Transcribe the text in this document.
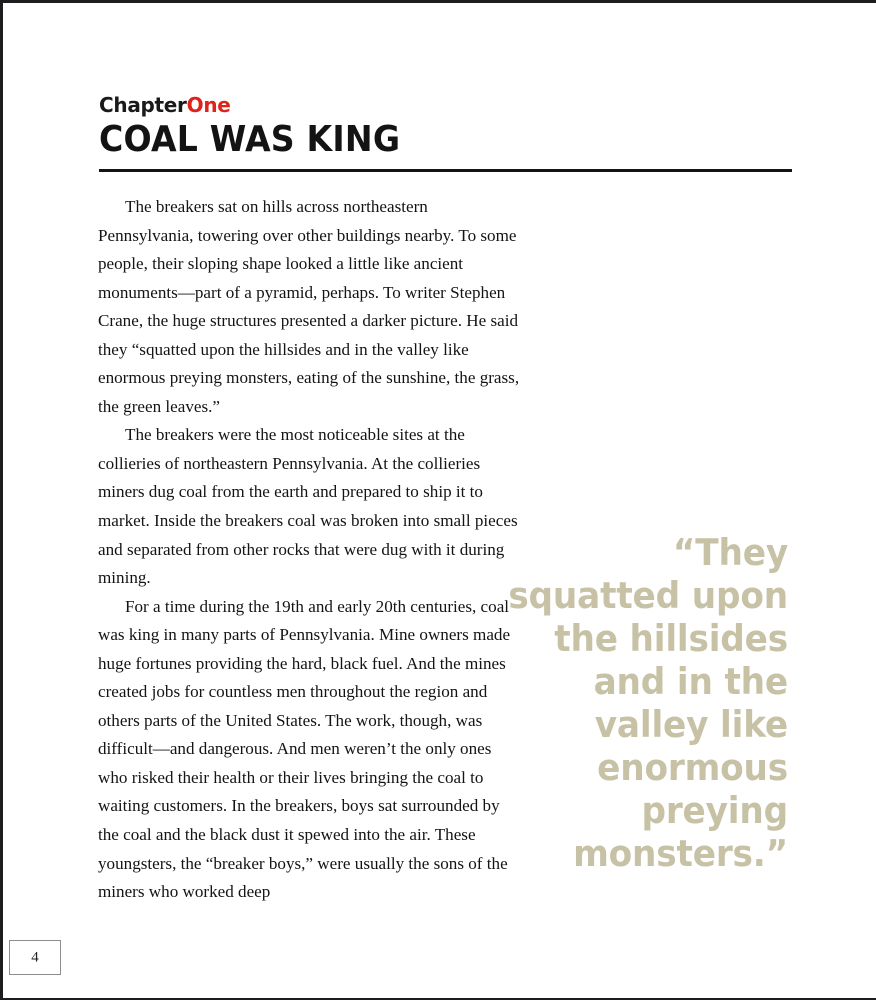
ChapterOne
COAL WAS KING

The breakers sat on hills across northeastern Pennsylvania, towering over other buildings nearby. To some people, their sloping shape looked a little like ancient monuments—part of a pyramid, perhaps. To writer Stephen Crane, the huge structures presented a darker picture. He said they “squatted upon the hillsides and in the valley like enormous preying monsters, eating of the sunshine, the grass, the green leaves.”

The breakers were the most noticeable sites at the collieries of northeastern Pennsylvania. At the collieries miners dug coal from the earth and prepared to ship it to market. Inside the breakers coal was broken into small pieces and separated from other rocks that were dug with it during mining.

For a time during the 19th and early 20th centuries, coal was king in many parts of Pennsylvania. Mine owners made huge fortunes providing the hard, black fuel. And the mines created jobs for countless men throughout the region and others parts of the United States. The work, though, was difficult—and dangerous. And men weren’t the only ones who risked their health or their lives bringing the coal to waiting customers. In the breakers, boys sat surrounded by the coal and the black dust it spewed into the air. These youngsters, the “breaker boys,” were usually the sons of the miners who worked deep

“They squatted upon the hillsides and in the valley like enormous preying monsters.”
4
